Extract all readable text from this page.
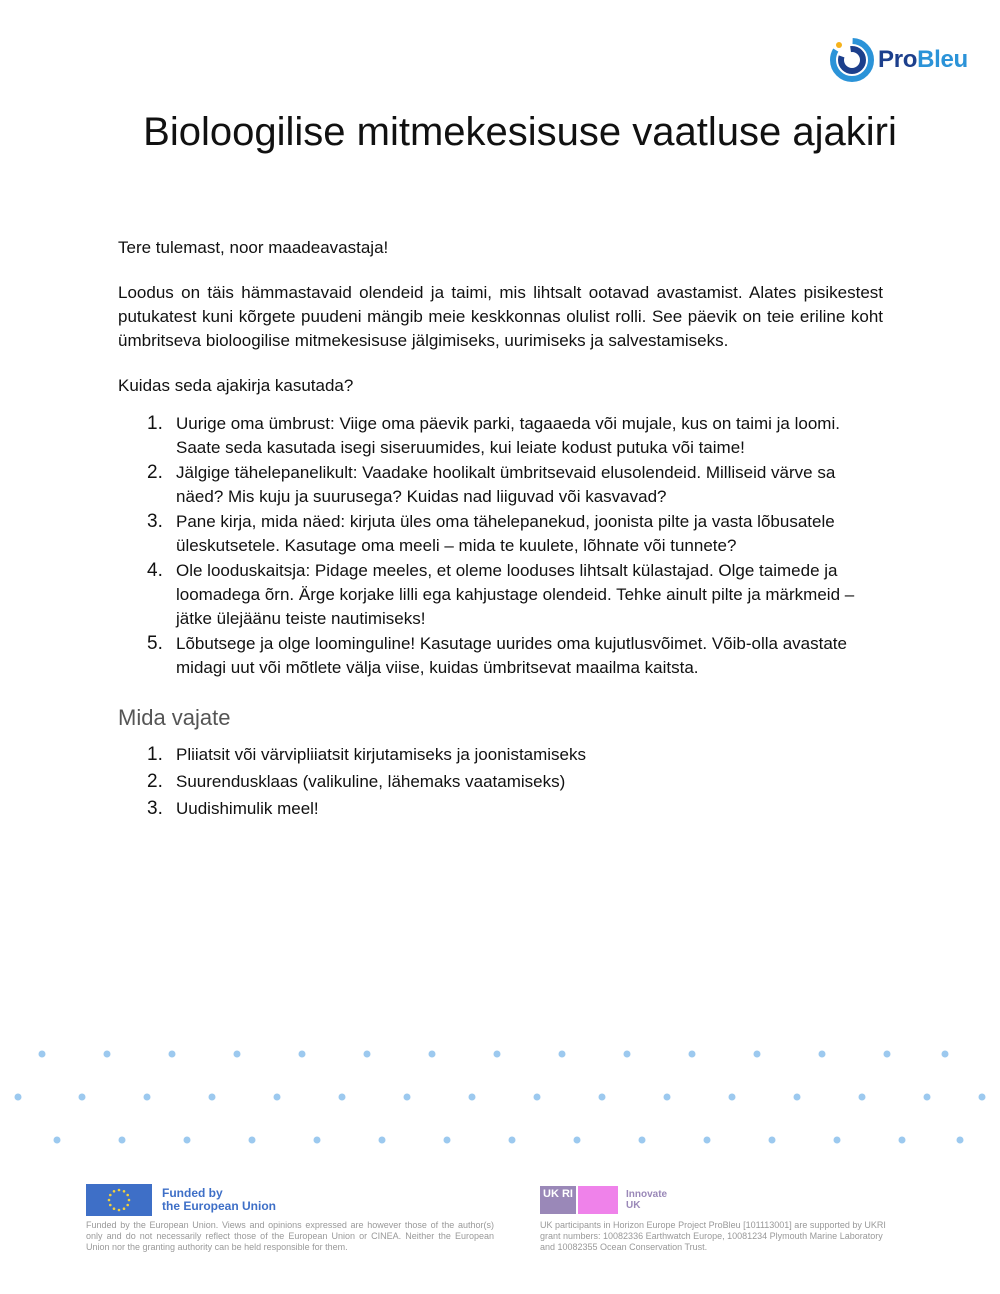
ProBleu
Bioloogilise mitmekesisuse vaatluse ajakiri

Tere tulemast, noor maadeavastaja!

Loodus on täis hämmastavaid olendeid ja taimi, mis lihtsalt ootavad avastamist. Alates pisikestest putukatest kuni kõrgete puudeni mängib meie keskkonnas olulist rolli. See päevik on teie eriline koht ümbritseva bioloogilise mitmekesisuse jälgimiseks, uurimiseks ja salvestamiseks.

Kuidas seda ajakirja kasutada?

1. Uurige oma ümbrust: Viige oma päevik parki, tagaaeda või mujale, kus on taimi ja loomi. Saate seda kasutada isegi siseruumides, kui leiate kodust putuka või taime!
2. Jälgige tähelepanelikult: Vaadake hoolikalt ümbritsevaid elusolendeid. Milliseid värve sa näed? Mis kuju ja suurusega? Kuidas nad liiguvad või kasvavad?
3. Pane kirja, mida näed: kirjuta üles oma tähelepanekud, joonista pilte ja vasta lõbusatele üleskutsetele. Kasutage oma meeli – mida te kuulete, lõhnate või tunnete?
4. Ole looduskaitsja: Pidage meeles, et oleme looduses lihtsalt külastajad. Olge taimede ja loomadega õrn. Ärge korjake lilli ega kahjustage olendeid. Tehke ainult pilte ja märkmeid – jätke ülejäänu teiste nautimiseks!
5. Lõbutsege ja olge loominguline! Kasutage uurides oma kujutlusvõimet. Võib-olla avastate midagi uut või mõtlete välja viise, kuidas ümbritsevat maailma kaitsta.

Mida vajate

1. Pliiatsit või värvipliiatsit kirjutamiseks ja joonistamiseks
2. Suurendusklaas (valikuline, lähemaks vaatamiseks)
3. Uudishimulik meel!
Funded by
the European Union
Funded by the European Union. Views and opinions expressed are however those of the author(s) only and do not necessarily reflect those of the European Union or CINEA. Neither the European Union nor the granting authority can be held responsible for them.
UK RI	Innovate
UK
UK participants in Horizon Europe Project ProBleu [101113001] are supported by UKRI grant numbers: 10082336 Earthwatch Europe, 10081234 Plymouth Marine Laboratory and 10082355 Ocean Conservation Trust.
